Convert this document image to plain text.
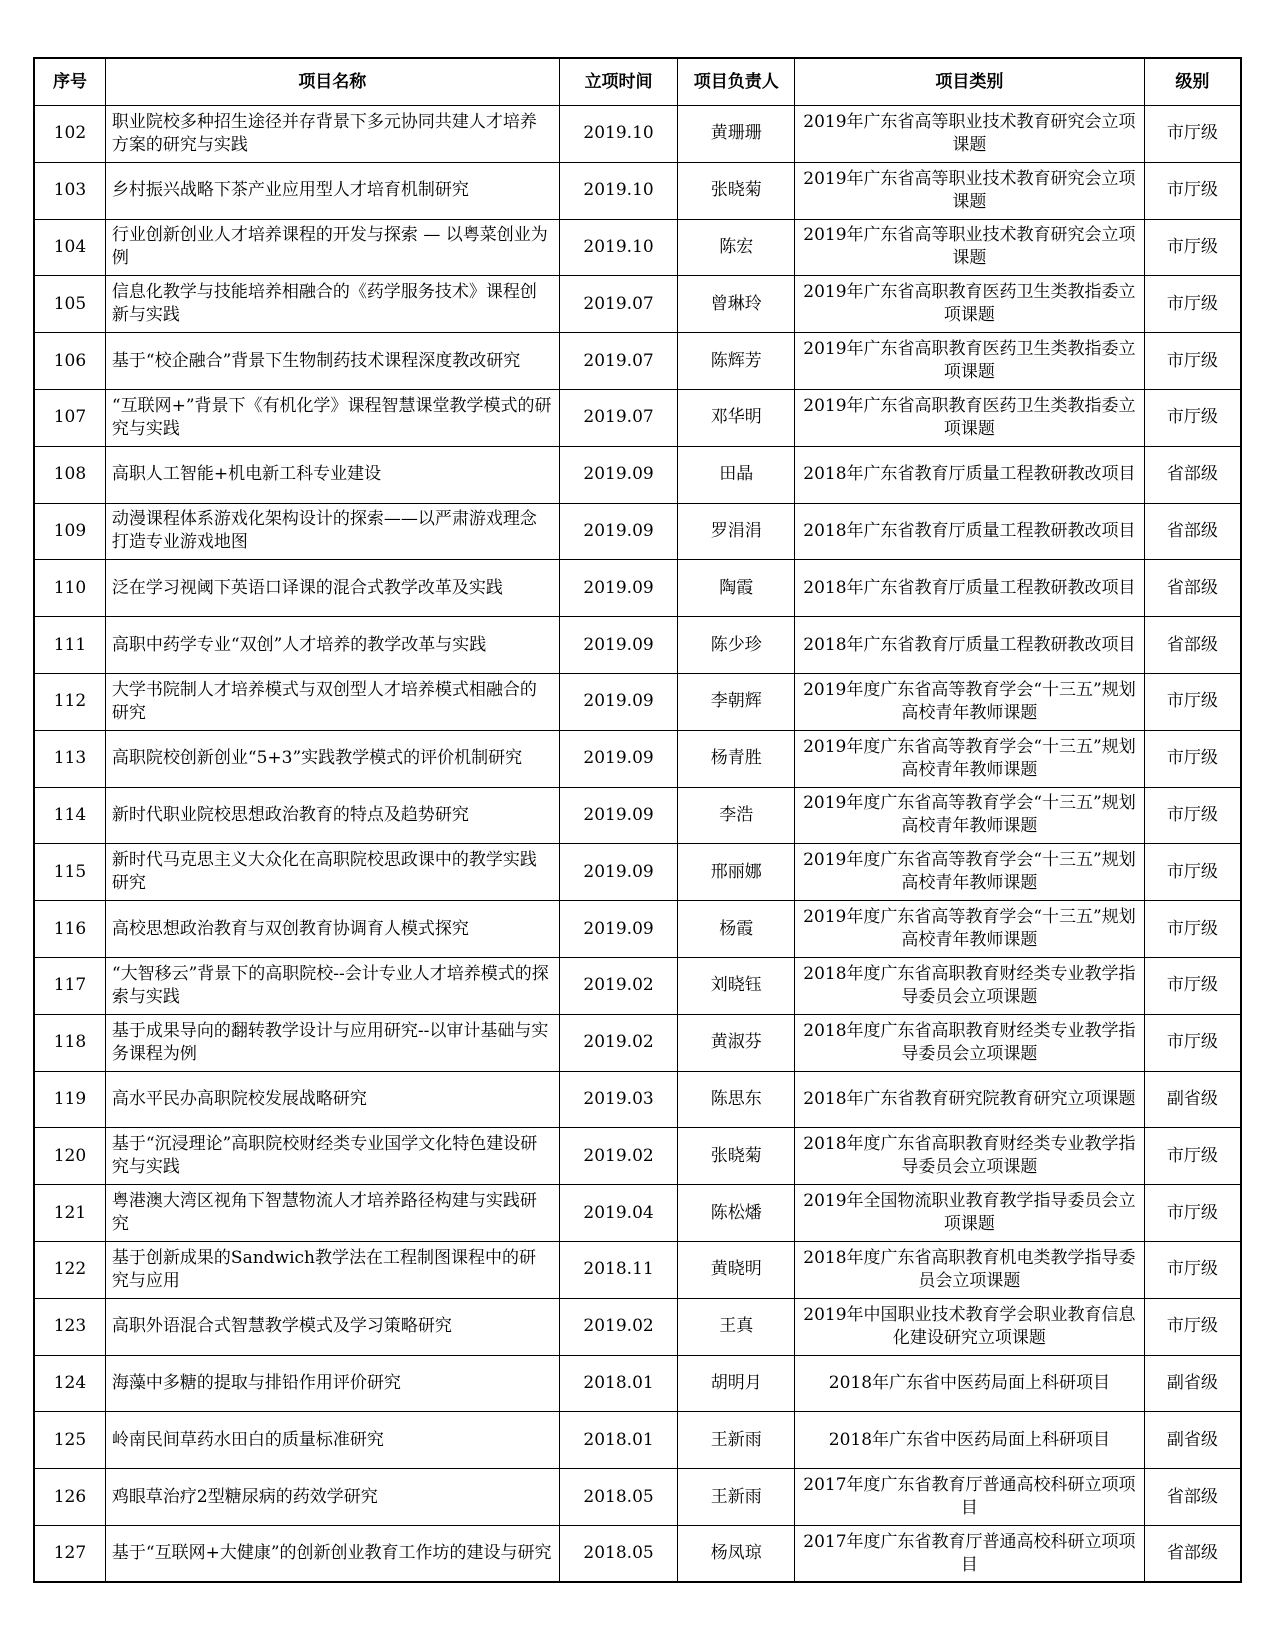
序号	项目名称	立项时间	项目负责人	项目类别	级别
102	职业院校多种招生途径并存背景下多元协同共建人才培养方案的研究与实践	2019.10	黄珊珊	2019年广东省高等职业技术教育研究会立项课题	市厅级
103	乡村振兴战略下茶产业应用型人才培育机制研究	2019.10	张晓菊	2019年广东省高等职业技术教育研究会立项课题	市厅级
104	行业创新创业人才培养课程的开发与探索 — 以粤菜创业为例	2019.10	陈宏	2019年广东省高等职业技术教育研究会立项课题	市厅级
105	信息化教学与技能培养相融合的《药学服务技术》课程创新与实践	2019.07	曾琳玲	2019年广东省高职教育医药卫生类教指委立项课题	市厅级
106	基于“校企融合”背景下生物制药技术课程深度教改研究	2019.07	陈辉芳	2019年广东省高职教育医药卫生类教指委立项课题	市厅级
107	“互联网+”背景下《有机化学》课程智慧课堂教学模式的研究与实践	2019.07	邓华明	2019年广东省高职教育医药卫生类教指委立项课题	市厅级
108	高职人工智能+机电新工科专业建设	2019.09	田晶	2018年广东省教育厅质量工程教研教改项目	省部级
109	动漫课程体系游戏化架构设计的探索——以严肃游戏理念打造专业游戏地图	2019.09	罗涓涓	2018年广东省教育厅质量工程教研教改项目	省部级
110	泛在学习视阈下英语口译课的混合式教学改革及实践	2019.09	陶霞	2018年广东省教育厅质量工程教研教改项目	省部级
111	高职中药学专业“双创”人才培养的教学改革与实践	2019.09	陈少珍	2018年广东省教育厅质量工程教研教改项目	省部级
112	大学书院制人才培养模式与双创型人才培养模式相融合的研究	2019.09	李朝辉	2019年度广东省高等教育学会“十三五”规划高校青年教师课题	市厅级
113	高职院校创新创业“5+3”实践教学模式的评价机制研究	2019.09	杨青胜	2019年度广东省高等教育学会“十三五”规划高校青年教师课题	市厅级
114	新时代职业院校思想政治教育的特点及趋势研究	2019.09	李浩	2019年度广东省高等教育学会“十三五”规划高校青年教师课题	市厅级
115	新时代马克思主义大众化在高职院校思政课中的教学实践研究	2019.09	邢丽娜	2019年度广东省高等教育学会“十三五”规划高校青年教师课题	市厅级
116	高校思想政治教育与双创教育协调育人模式探究	2019.09	杨霞	2019年度广东省高等教育学会“十三五”规划高校青年教师课题	市厅级
117	“大智移云”背景下的高职院校--会计专业人才培养模式的探索与实践	2019.02	刘晓钰	2018年度广东省高职教育财经类专业教学指导委员会立项课题	市厅级
118	基于成果导向的翻转教学设计与应用研究--以审计基础与实务课程为例	2019.02	黄淑芬	2018年度广东省高职教育财经类专业教学指导委员会立项课题	市厅级
119	高水平民办高职院校发展战略研究	2019.03	陈思东	2018年广东省教育研究院教育研究立项课题	副省级
120	基于“沉浸理论”高职院校财经类专业国学文化特色建设研究与实践	2019.02	张晓菊	2018年度广东省高职教育财经类专业教学指导委员会立项课题	市厅级
121	粤港澳大湾区视角下智慧物流人才培养路径构建与实践研究	2019.04	陈松燔	2019年全国物流职业教育教学指导委员会立项课题	市厅级
122	基于创新成果的Sandwich教学法在工程制图课程中的研究与应用	2018.11	黄晓明	2018年度广东省高职教育机电类教学指导委员会立项课题	市厅级
123	高职外语混合式智慧教学模式及学习策略研究	2019.02	王真	2019年中国职业技术教育学会职业教育信息化建设研究立项课题	市厅级
124	海藻中多糖的提取与排铅作用评价研究	2018.01	胡明月	2018年广东省中医药局面上科研项目	副省级
125	岭南民间草药水田白的质量标准研究	2018.01	王新雨	2018年广东省中医药局面上科研项目	副省级
126	鸡眼草治疗2型糖尿病的药效学研究	2018.05	王新雨	2017年度广东省教育厅普通高校科研立项项目	省部级
127	基于“互联网+大健康”的创新创业教育工作坊的建设与研究	2018.05	杨凤琼	2017年度广东省教育厅普通高校科研立项项目	省部级
